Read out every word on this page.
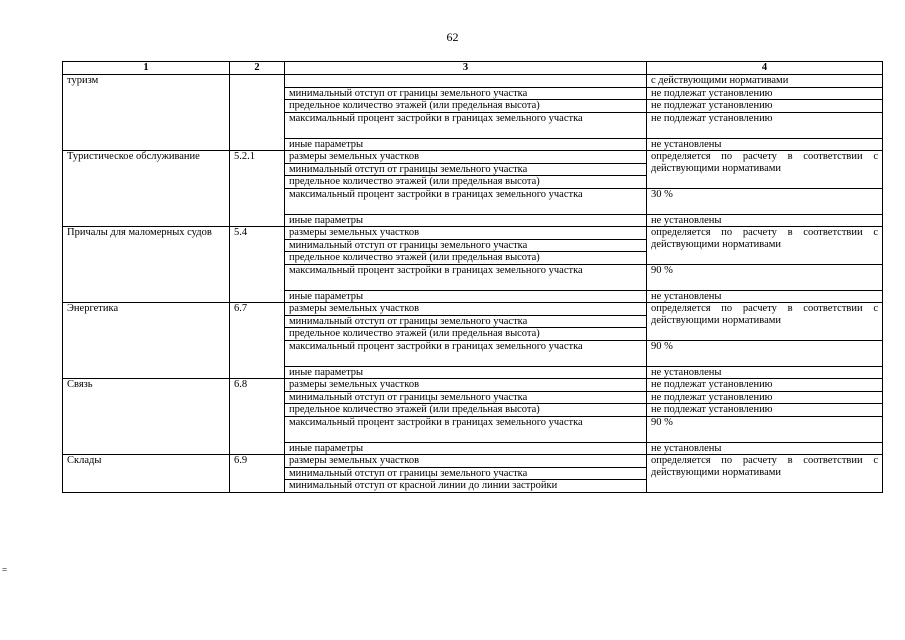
62
=
1	2	3	4

туризм			с действующими нормативами
		минимальный отступ от границы земельного участка	не подлежат установлению
		предельное количество этажей (или предельная высота)	не подлежат установлению
		максимальный процент застройки в границах земельного участка	не подлежат установлению
		иные параметры	не установлены

Туристическое обслуживание	5.2.1	размеры земельных участков	определяется по расчету в соответствии с действующими нормативами
		минимальный отступ от границы земельного участка	
		предельное количество этажей (или предельная высота)	
		максимальный процент застройки в границах земельного участка	30 %
		иные параметры	не установлены

Причалы для маломерных судов	5.4	размеры земельных участков	определяется по расчету в соответствии с действующими нормативами
		минимальный отступ от границы земельного участка	
		предельное количество этажей (или предельная высота)	
		максимальный процент застройки в границах земельного участка	90 %
		иные параметры	не установлены

Энергетика	6.7	размеры земельных участков	определяется по расчету в соответствии с действующими нормативами
		минимальный отступ от границы земельного участка	
		предельное количество этажей (или предельная высота)	
		максимальный процент застройки в границах земельного участка	90 %
		иные параметры	не установлены

Связь	6.8	размеры земельных участков	не подлежат установлению
		минимальный отступ от границы земельного участка	не подлежат установлению
		предельное количество этажей (или предельная высота)	не подлежат установлению
		максимальный процент застройки в границах земельного участка	90 %
		иные параметры	не установлены

Склады	6.9	размеры земельных участков	определяется по расчету в соответствии с действующими нормативами
		минимальный отступ от границы земельного участка	
		минимальный отступ от красной линии до линии застройки	
